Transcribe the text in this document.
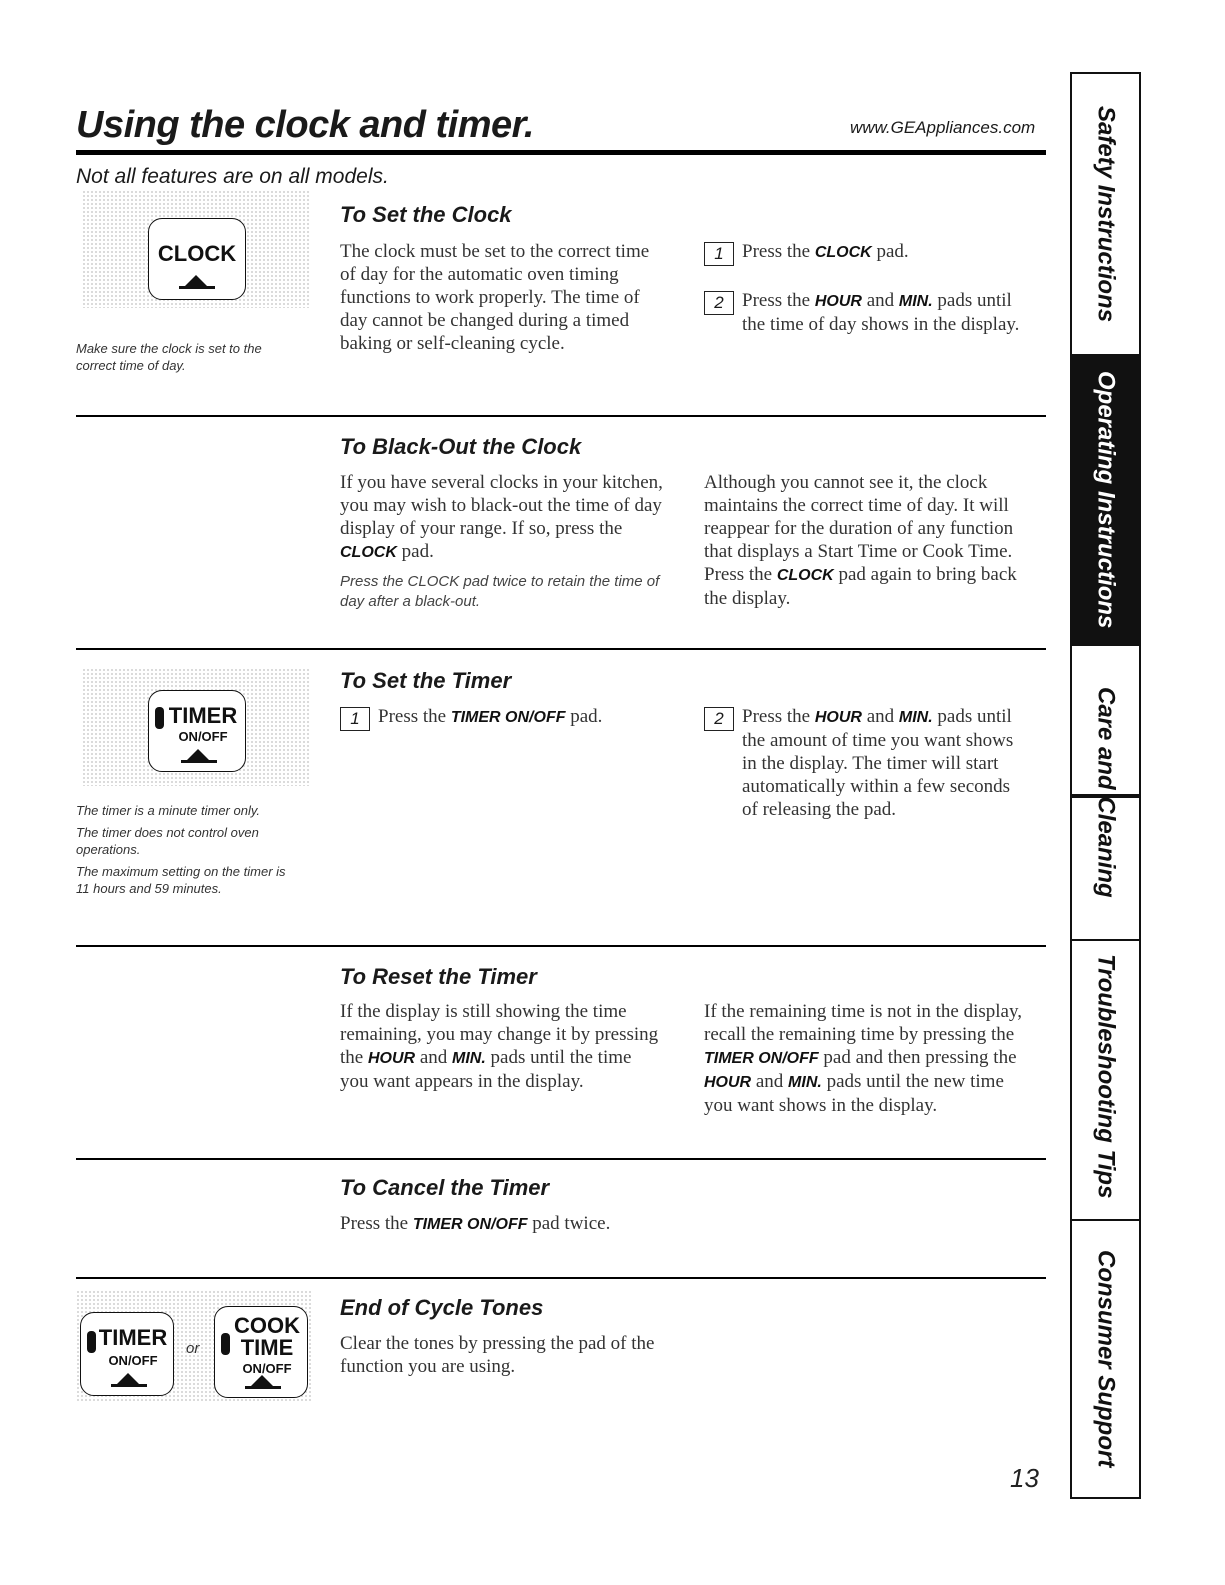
Using the clock and timer.	www.GEAppliances.com
Not all features are on all models.
CLOCK
Make sure the clock is set to the
correct time of day.
To Set the Clock
The clock must be set to the correct time
of day for the automatic oven timing
functions to work properly. The time of
day cannot be changed during a timed
baking or self-cleaning cycle.
1 Press the CLOCK pad.
2 Press the HOUR and MIN. pads until
the time of day shows in the display.
To Black-Out the Clock
If you have several clocks in your kitchen,
you may wish to black-out the time of day
display of your range. If so, press the
CLOCK pad.
Press the CLOCK pad twice to retain the time of
day after a black-out.
Although you cannot see it, the clock
maintains the correct time of day. It will
reappear for the duration of any function
that displays a Start Time or Cook Time.
Press the CLOCK pad again to bring back
the display.
TIMER
ON/OFF
The timer is a minute timer only.
The timer does not control oven
operations.
The maximum setting on the timer is
11 hours and 59 minutes.
To Set the Timer
1 Press the TIMER ON/OFF pad.	2 Press the HOUR and MIN. pads until
the amount of time you want shows
in the display. The timer will start
automatically within a few seconds
of releasing the pad.
To Reset the Timer
If the display is still showing the time
remaining, you may change it by pressing
the HOUR and MIN. pads until the time
you want appears in the display.
If the remaining time is not in the display,
recall the remaining time by pressing the
TIMER ON/OFF pad and then pressing the
HOUR and MIN. pads until the new time
you want shows in the display.
To Cancel the Timer
Press the TIMER ON/OFF pad twice.
TIMER
ON/OFF
or
COOK
TIME
ON/OFF
End of Cycle Tones
Clear the tones by pressing the pad of the
function you are using.
Safety Instructions
Operating Instructions
Care and Cleaning
Troubleshooting Tips
Consumer Support
13
